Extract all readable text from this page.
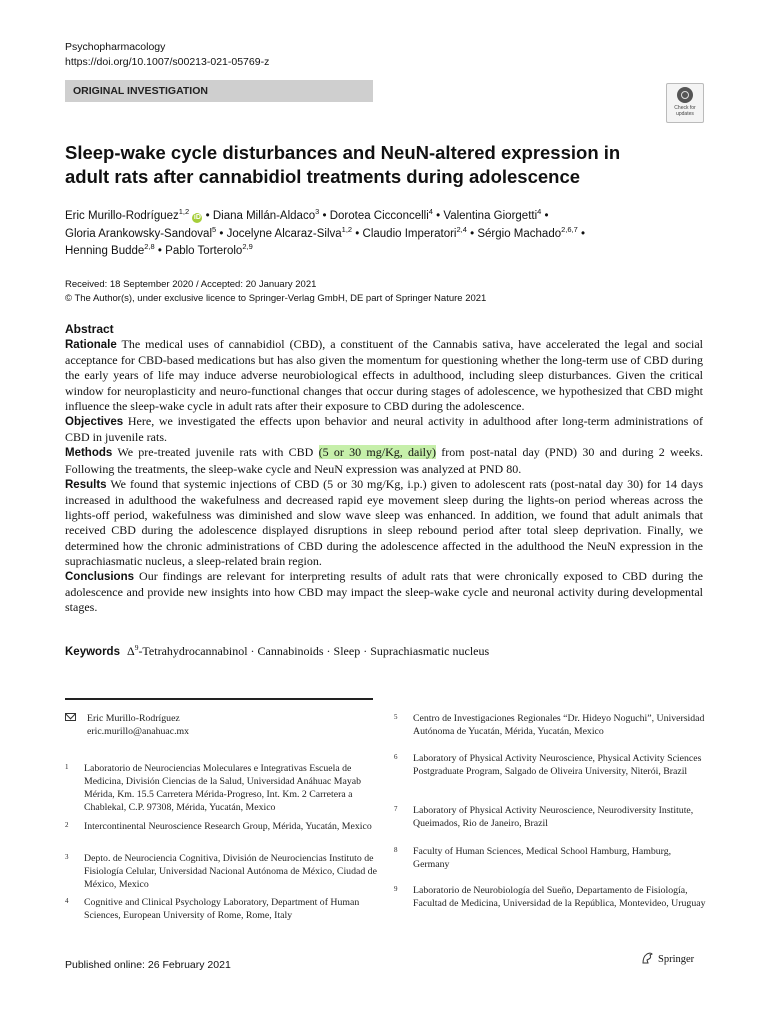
Psychopharmacology
https://doi.org/10.1007/s00213-021-05769-z
ORIGINAL INVESTIGATION
Check for updates
Sleep-wake cycle disturbances and NeuN-altered expression in adult rats after cannabidiol treatments during adolescence
Eric Murillo-Rodríguez$^{1,2}$ iD • Diana Millán-Aldaco$^3$ • Dorotea Cicconcelli$^4$ • Valentina Giorgetti$^4$ •
Gloria Arankowsky-Sandoval$^5$ • Jocelyne Alcaraz-Silva$^{1,2}$ • Claudio Imperatori$^{2,4}$ • Sérgio Machado$^{2,6,7}$ •
Henning Budde$^{2,8}$ • Pablo Torterolo$^{2,9}$
Received: 18 September 2020 / Accepted: 20 January 2021
© The Author(s), under exclusive licence to Springer-Verlag GmbH, DE part of Springer Nature 2021
Abstract

Rationale The medical uses of cannabidiol (CBD), a constituent of the Cannabis sativa, have accelerated the legal and social acceptance for CBD-based medications but has also given the momentum for questioning whether the long-term use of CBD during the early years of life may induce adverse neurobiological effects in adulthood, including sleep disturbances. Given the critical window for neuroplasticity and neuro-functional changes that occur during stages of adolescence, we hypothesized that CBD might influence the sleep-wake cycle in adult rats after their exposure to CBD during the adolescence.

Objectives Here, we investigated the effects upon behavior and neural activity in adulthood after long-term administrations of CBD in juvenile rats.

Methods We pre-treated juvenile rats with CBD (5 or 30 mg/Kg, daily) from post-natal day (PND) 30 and during 2 weeks. Following the treatments, the sleep-wake cycle and NeuN expression was analyzed at PND 80.

Results We found that systemic injections of CBD (5 or 30 mg/Kg, i.p.) given to adolescent rats (post-natal day 30) for 14 days increased in adulthood the wakefulness and decreased rapid eye movement sleep during the lights-on period whereas across the lights-off period, wakefulness was diminished and slow wave sleep was enhanced. In addition, we found that adult animals that received CBD during the adolescence displayed disruptions in sleep rebound period after total sleep deprivation. Finally, we determined how the chronic administrations of CBD during the adolescence affected in the adulthood the NeuN expression in the suprachiasmatic nucleus, a sleep-related brain region.

Conclusions Our findings are relevant for interpreting results of adult rats that were chronically exposed to CBD during the adolescence and provide new insights into how CBD may impact the sleep-wake cycle and neuronal activity during developmental stages.

Keywords $\Delta^9$-Tetrahydrocannabinol · Cannabinoids · Sleep · Suprachiasmatic nucleus
Eric Murillo-Rodríguez
eric.murillo@anahuac.mx
1 Laboratorio de Neurociencias Moleculares e Integrativas Escuela de Medicina, División Ciencias de la Salud, Universidad Anáhuac Mayab Mérida, Km. 15.5 Carretera Mérida-Progreso, Int. Km. 2 Carretera a Chablekal, C.P. 97308, Mérida, Yucatán, Mexico
2 Intercontinental Neuroscience Research Group, Mérida, Yucatán, Mexico
3 Depto. de Neurociencia Cognitiva, División de Neurociencias Instituto de Fisiología Celular, Universidad Nacional Autónoma de México, Ciudad de México, Mexico
4 Cognitive and Clinical Psychology Laboratory, Department of Human Sciences, European University of Rome, Rome, Italy
5 Centro de Investigaciones Regionales “Dr. Hideyo Noguchi”, Universidad Autónoma de Yucatán, Mérida, Yucatán, Mexico
6 Laboratory of Physical Activity Neuroscience, Physical Activity Sciences Postgraduate Program, Salgado de Oliveira University, Niterói, Brazil
7 Laboratory of Physical Activity Neuroscience, Neurodiversity Institute, Queimados, Rio de Janeiro, Brazil
8 Faculty of Human Sciences, Medical School Hamburg, Hamburg, Germany
9 Laboratorio de Neurobiología del Sueño, Departamento de Fisiología, Facultad de Medicina, Universidad de la República, Montevideo, Uruguay
Published online: 26 February 2021	Springer
